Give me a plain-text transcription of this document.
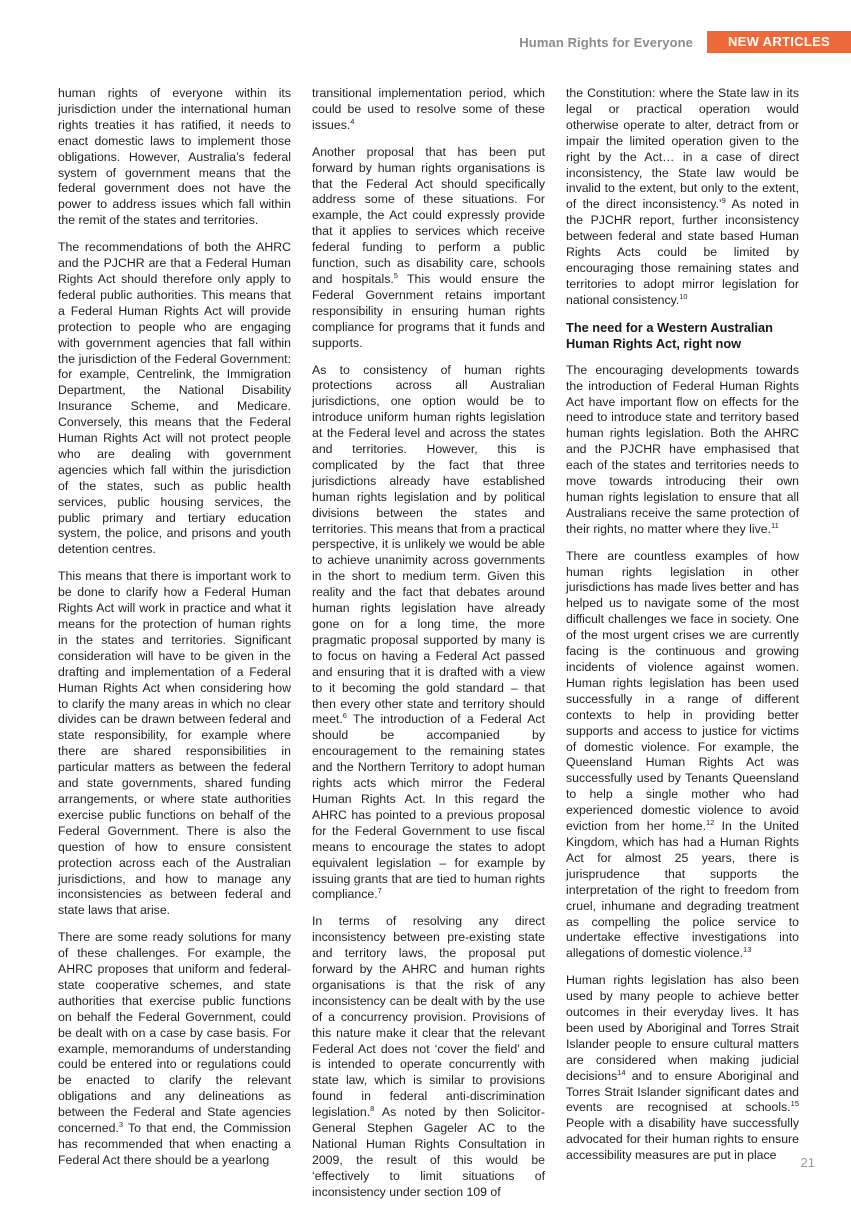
Human Rights for Everyone	NEW ARTICLES

human rights of everyone within its jurisdiction under the international human rights treaties it has ratified, it needs to enact domestic laws to implement those obligations. However, Australia’s federal system of government means that the federal government does not have the power to address issues which fall within the remit of the states and territories.

The recommendations of both the AHRC and the PJCHR are that a Federal Human Rights Act should therefore only apply to federal public authorities. This means that a Federal Human Rights Act will provide protection to people who are engaging with government agencies that fall within the jurisdiction of the Federal Government: for example, Centrelink, the Immigration Department, the National Disability Insurance Scheme, and Medicare. Conversely, this means that the Federal Human Rights Act will not protect people who are dealing with government agencies which fall within the jurisdiction of the states, such as public health services, public housing services, the public primary and tertiary education system, the police, and prisons and youth detention centres.

This means that there is important work to be done to clarify how a Federal Human Rights Act will work in practice and what it means for the protection of human rights in the states and territories. Significant consideration will have to be given in the drafting and implementation of a Federal Human Rights Act when considering how to clarify the many areas in which no clear divides can be drawn between federal and state responsibility, for example where there are shared responsibilities in particular matters as between the federal and state governments, shared funding arrangements, or where state authorities exercise public functions on behalf of the Federal Government. There is also the question of how to ensure consistent protection across each of the Australian jurisdictions, and how to manage any inconsistencies as between federal and state laws that arise.

There are some ready solutions for many of these challenges. For example, the AHRC proposes that uniform and federal-state cooperative schemes, and state authorities that exercise public functions on behalf the Federal Government, could be dealt with on a case by case basis. For example, memorandums of understanding could be entered into or regulations could be enacted to clarify the relevant obligations and any delineations as between the Federal and State agencies concerned.$^3$ To that end, the Commission has recommended that when enacting a Federal Act there should be a yearlong

transitional implementation period, which could be used to resolve some of these issues.$^4$

Another proposal that has been put forward by human rights organisations is that the Federal Act should specifically address some of these situations. For example, the Act could expressly provide that it applies to services which receive federal funding to perform a public function, such as disability care, schools and hospitals.$^5$ This would ensure the Federal Government retains important responsibility in ensuring human rights compliance for programs that it funds and supports.

As to consistency of human rights protections across all Australian jurisdictions, one option would be to introduce uniform human rights legislation at the Federal level and across the states and territories. However, this is complicated by the fact that three jurisdictions already have established human rights legislation and by political divisions between the states and territories. This means that from a practical perspective, it is unlikely we would be able to achieve unanimity across governments in the short to medium term. Given this reality and the fact that debates around human rights legislation have already gone on for a long time, the more pragmatic proposal supported by many is to focus on having a Federal Act passed and ensuring that it is drafted with a view to it becoming the gold standard – that then every other state and territory should meet.$^6$ The introduction of a Federal Act should be accompanied by encouragement to the remaining states and the Northern Territory to adopt human rights acts which mirror the Federal Human Rights Act. In this regard the AHRC has pointed to a previous proposal for the Federal Government to use fiscal means to encourage the states to adopt equivalent legislation – for example by issuing grants that are tied to human rights compliance.$^7$

In terms of resolving any direct inconsistency between pre-existing state and territory laws, the proposal put forward by the AHRC and human rights organisations is that the risk of any inconsistency can be dealt with by the use of a concurrency provision. Provisions of this nature make it clear that the relevant Federal Act does not ‘cover the field’ and is intended to operate concurrently with state law, which is similar to provisions found in federal anti-discrimination legislation.$^8$ As noted by then Solicitor-General Stephen Gageler AC to the National Human Rights Consultation in 2009, the result of this would be ‘effectively to limit situations of inconsistency under section 109 of

the Constitution: where the State law in its legal or practical operation would otherwise operate to alter, detract from or impair the limited operation given to the right by the Act… in a case of direct inconsistency, the State law would be invalid to the extent, but only to the extent, of the direct inconsistency.’$^9$ As noted in the PJCHR report, further inconsistency between federal and state based Human Rights Acts could be limited by encouraging those remaining states and territories to adopt mirror legislation for national consistency.$^{10}$

The need for a Western Australian Human Rights Act, right now

The encouraging developments towards the introduction of Federal Human Rights Act have important flow on effects for the need to introduce state and territory based human rights legislation. Both the AHRC and the PJCHR have emphasised that each of the states and territories needs to move towards introducing their own human rights legislation to ensure that all Australians receive the same protection of their rights, no matter where they live.$^{11}$

There are countless examples of how human rights legislation in other jurisdictions has made lives better and has helped us to navigate some of the most difficult challenges we face in society. One of the most urgent crises we are currently facing is the continuous and growing incidents of violence against women. Human rights legislation has been used successfully in a range of different contexts to help in providing better supports and access to justice for victims of domestic violence. For example, the Queensland Human Rights Act was successfully used by Tenants Queensland to help a single mother who had experienced domestic violence to avoid eviction from her home.$^{12}$ In the United Kingdom, which has had a Human Rights Act for almost 25 years, there is jurisprudence that supports the interpretation of the right to freedom from cruel, inhumane and degrading treatment as compelling the police service to undertake effective investigations into allegations of domestic violence.$^{13}$

Human rights legislation has also been used by many people to achieve better outcomes in their everyday lives. It has been used by Aboriginal and Torres Strait Islander people to ensure cultural matters are considered when making judicial decisions$^{14}$ and to ensure Aboriginal and Torres Strait Islander significant dates and events are recognised at schools.$^{15}$ People with a disability have successfully advocated for their human rights to ensure accessibility measures are put in place	21
